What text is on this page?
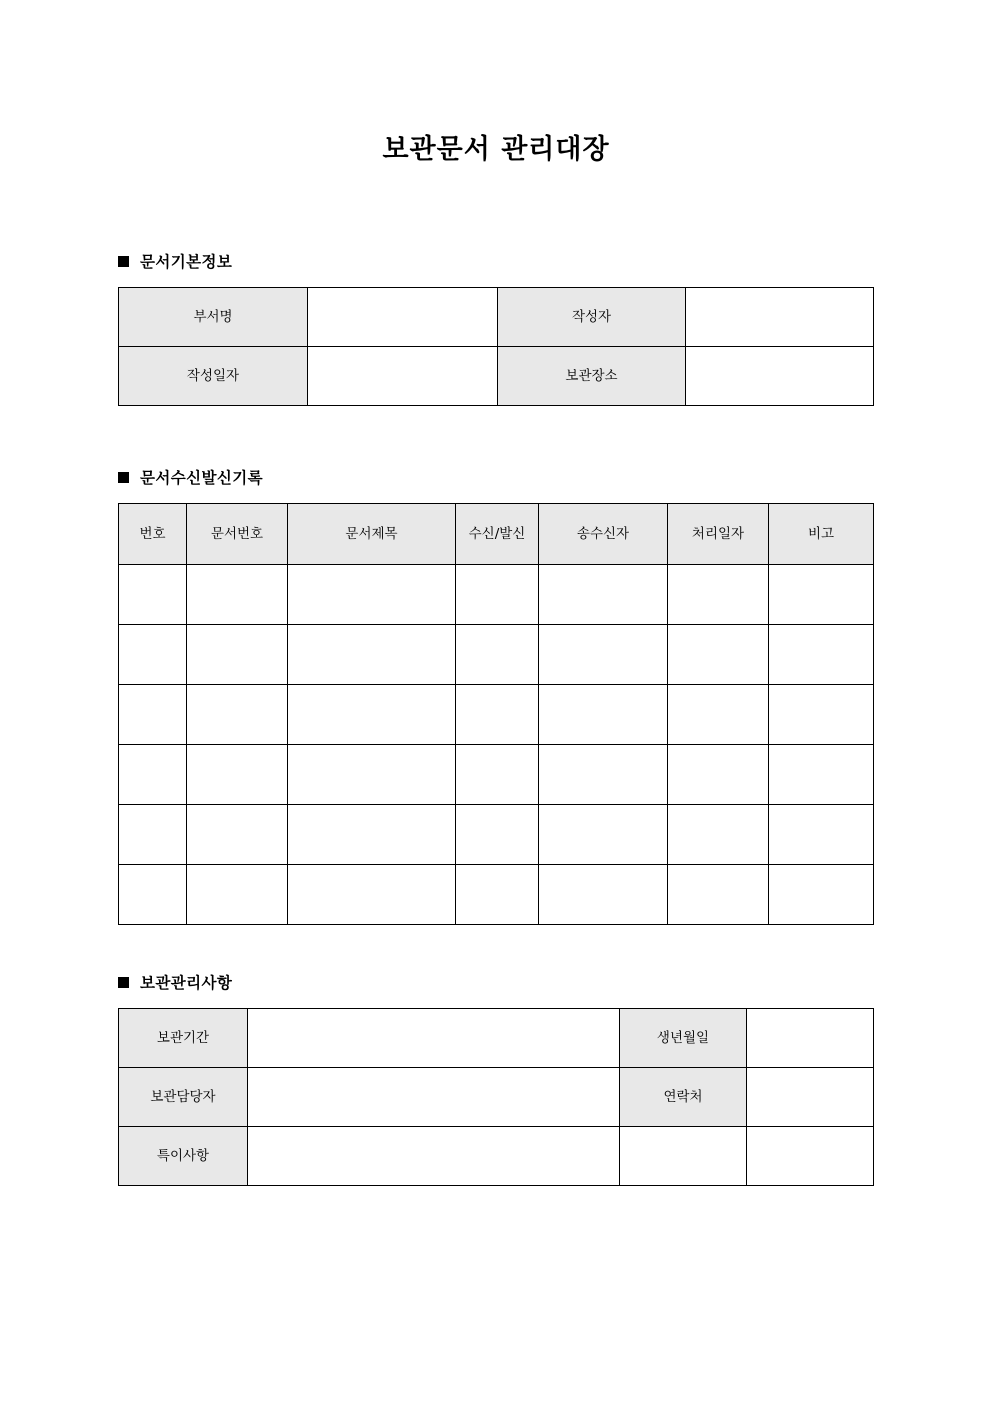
보관문서 관리대장
문서기본정보
부서명		작성자	
작성일자		보관장소	
문서수신발신기록
번호	문서번호	문서제목	수신/발신	송수신자	처리일자	비고

보관관리사항
보관기간		생년월일	
보관담당자		연락처	
특이사항			
